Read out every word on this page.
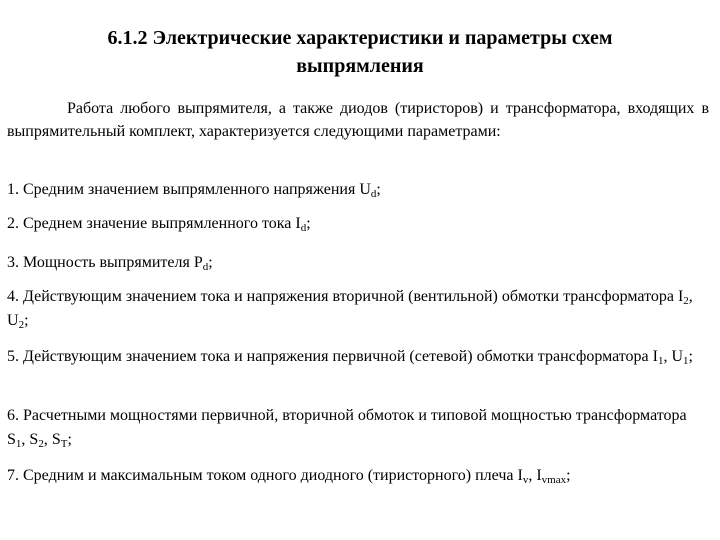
6.1.2 Электрические характеристики и параметры схем
выпрямления

Работа любого выпрямителя, а также диодов (тиристоров) и трансформатора, входящих в выпрямительный комплект, характеризуется следующими параметрами:

1. Средним значением выпрямленного напряжения $U_d$;

2. Среднем значение выпрямленного тока $I_d$;

3. Мощность выпрямителя $P_d$;

4. Действующим значением тока и напряжения вторичной (вентильной) обмотки трансформатора $I_2$, $U_2$;

5. Действующим значением тока и напряжения первичной (сетевой) обмотки трансформатора $I_1$, $U_1$;

6. Расчетными мощностями первичной, вторичной обмоток и типовой мощностью трансформатора $S_1$, $S_2$, $S_T$;

7. Средним и максимальным током одного диодного (тиристорного) плеча $I_v$, $I_{vmax}$;
